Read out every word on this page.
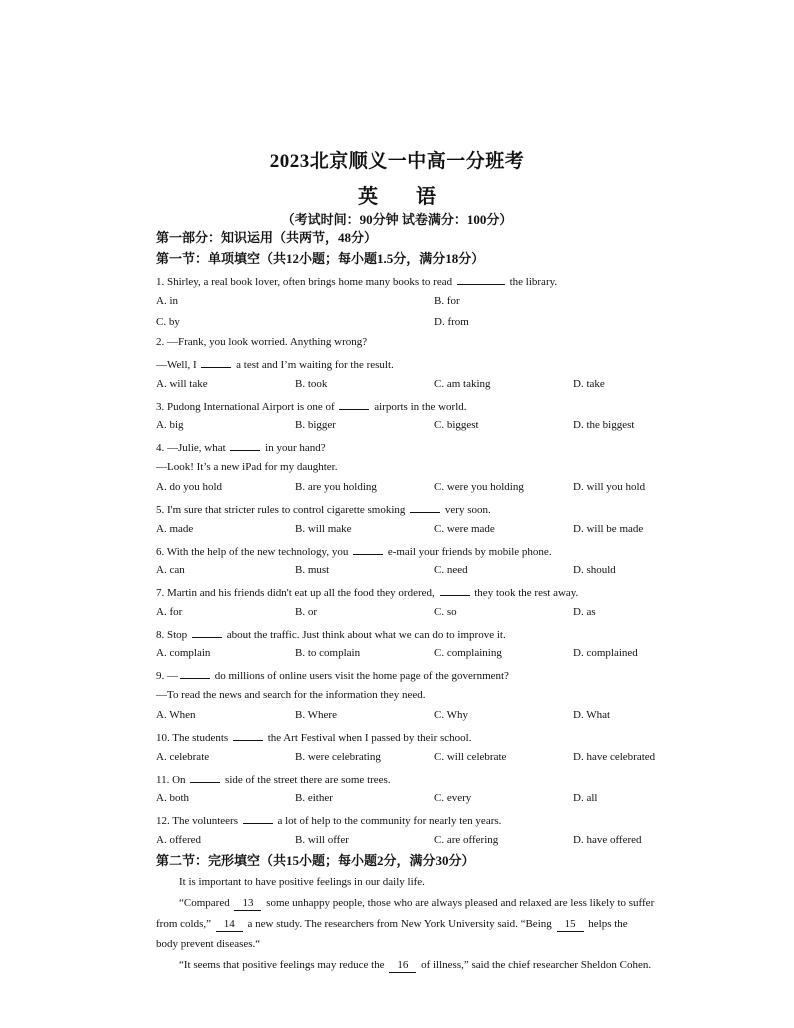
2023北京顺义一中高一分班考
英语
（考试时间：90分钟 试卷满分：100分）
第一部分：知识运用（共两节，48分）
第一节：单项填空（共12小题；每小题1.5分，满分18分）
1. Shirley, a real book lover, often brings home many books to read	the library.
A. in	B. for
C. by	D. from
2. —Frank, you look worried. Anything wrong?
—Well, I	a test and I’m waiting for the result.
A. will take	B. took	C. am taking	D. take
3. Pudong International Airport is one of	airports in the world.
A. big	B. bigger	C. biggest	D. the biggest
4. —Julie, what	in your hand?
—Look! It’s a new iPad for my daughter.
A. do you hold	B. are you holding	C. were you holding	D. will you hold
5. I'm sure that stricter rules to control cigarette smoking	very soon.
A. made	B. will make	C. were made	D. will be made
6. With the help of the new technology, you	e-mail your friends by mobile phone.
A. can	B. must	C. need	D. should
7. Martin and his friends didn't eat up all the food they ordered,	they took the rest away.
A. for	B. or	C. so	D. as
8. Stop	about the traffic. Just think about what we can do to improve it.
A. complain	B. to complain	C. complaining	D. complained
9. —	do millions of online users visit the home page of the government?
—To read the news and search for the information they need.
A. When	B. Where	C. Why	D. What
10. The students	the Art Festival when I passed by their school.
A. celebrate	B. were celebrating	C. will celebrate	D. have celebrated
11. On	side of the street there are some trees.
A. both	B. either	C. every	D. all
12. The volunteers	a lot of help to the community for nearly ten years.
A. offered	B. will offer	C. are offering	D. have offered
第二节：完形填空（共15小题；每小题2分，满分30分）
It is important to have positive feelings in our daily life.
“Compared 13 some unhappy people, those who are always pleased and relaxed are less likely to suffer
from colds,” 14 a new study. The researchers from New York University said. “Being 15 helps the
body prevent diseases.“
“It seems that positive feelings may reduce the 16 of illness,” said the chief researcher Sheldon Cohen.
